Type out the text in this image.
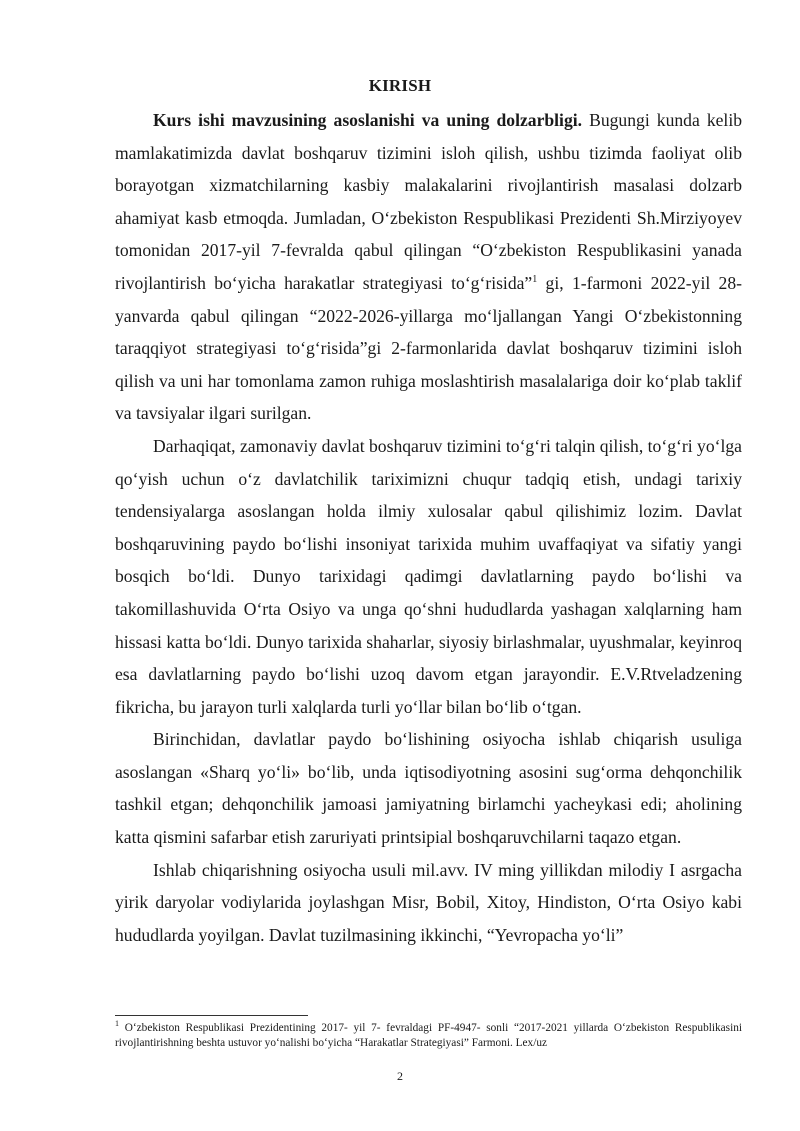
KIRISH

Kurs ishi mavzusining asoslanishi va uning dolzarbligi. Bugungi kunda kelib mamlakatimizda davlat boshqaruv tizimini isloh qilish, ushbu tizimda faoliyat olib borayotgan xizmatchilarning kasbiy malakalarini rivojlantirish masalasi dolzarb ahamiyat kasb etmoqda. Jumladan, O‘zbekiston Respublikasi Prezidenti Sh.Mirziyoyev tomonidan 2017-yil 7-fevralda qabul qilingan “O‘zbekiston Respublikasini yanada rivojlantirish bo‘yicha harakatlar strategiyasi to‘g‘risida”$^1$ gi, 1-farmoni 2022-yil 28-yanvarda qabul qilingan “2022-2026-yillarga mo‘ljallangan Yangi O‘zbekistonning taraqqiyot strategiyasi to‘g‘risida”gi 2-farmonlarida davlat boshqaruv tizimini isloh qilish va uni har tomonlama zamon ruhiga moslashtirish masalalariga doir ko‘plab taklif va tavsiyalar ilgari surilgan.

Darhaqiqat, zamonaviy davlat boshqaruv tizimini to‘g‘ri talqin qilish, to‘g‘ri yo‘lga qo‘yish uchun o‘z davlatchilik tariximizni chuqur tadqiq etish, undagi tarixiy tendensiyalarga asoslangan holda ilmiy xulosalar qabul qilishimiz lozim. Davlat boshqaruvining paydo bo‘lishi insoniyat tarixida muhim uvaffaqiyat va sifatiy yangi bosqich bo‘ldi. Dunyo tarixidagi qadimgi davlatlarning paydo bo‘lishi va takomillashuvida O‘rta Osiyo va unga qo‘shni hududlarda yashagan xalqlarning ham hissasi katta bo‘ldi. Dunyo tarixida shaharlar, siyosiy birlashmalar, uyushmalar, keyinroq esa davlatlarning paydo bo‘lishi uzoq davom etgan jarayondir. E.V.Rtveladzening fikricha, bu jarayon turli xalqlarda turli yo‘llar bilan bo‘lib o‘tgan.

Birinchidan, davlatlar paydo bo‘lishining osiyocha ishlab chiqarish usuliga asoslangan «Sharq yo‘li» bo‘lib, unda iqtisodiyotning asosini sug‘orma dehqonchilik tashkil etgan; dehqonchilik jamoasi jamiyatning birlamchi yacheykasi edi; aholining katta qismini safarbar etish zaruriyati printsipial boshqaruvchilarni taqazo etgan.

Ishlab chiqarishning osiyocha usuli mil.avv. IV ming yillikdan milodiy I asrgacha yirik daryolar vodiylarida joylashgan Misr, Bobil, Xitoy, Hindiston, O‘rta Osiyo kabi hududlarda yoyilgan. Davlat tuzilmasining ikkinchi, “Yevropacha yo‘li”

$^1$ O‘zbekiston Respublikasi Prezidentining 2017- yil 7- fevraldagi PF-4947- sonli “2017-2021 yillarda O‘zbekiston Respublikasini rivojlantirishning beshta ustuvor yo‘nalishi bo‘yicha “Harakatlar Strategiyasi” Farmoni. Lex/uz
2
